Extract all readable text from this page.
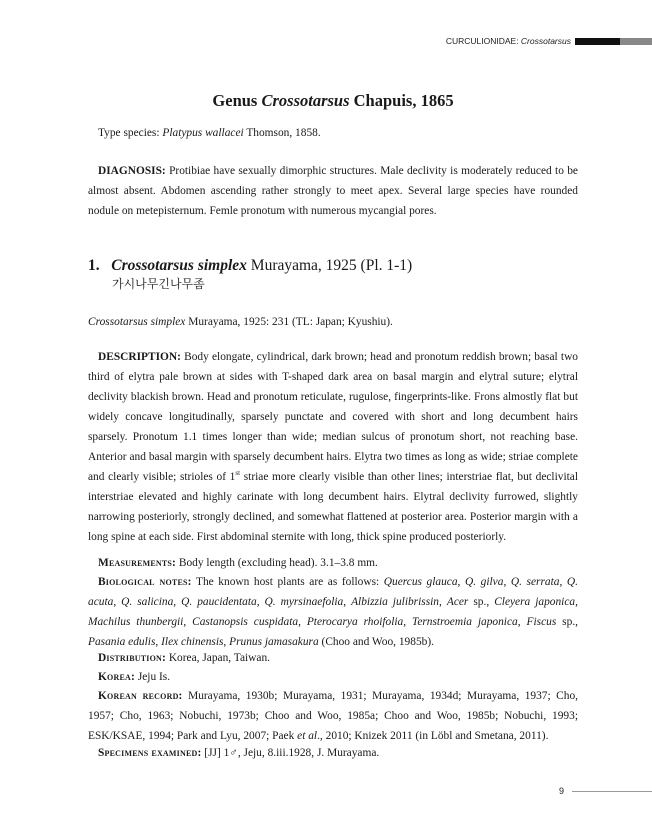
CURCULIONIDAE: Crossotarsus
Genus Crossotarsus Chapuis, 1865

Type species: Platypus wallacei Thomson, 1858.

DIAGNOSIS: Protibiae have sexually dimorphic structures. Male declivity is moderately reduced to be almost absent. Abdomen ascending rather strongly to meet apex. Several large species have rounded nodule on metepisternum. Femle pronotum with numerous mycangial pores.

1. Crossotarsus simplex Murayama, 1925 (Pl. 1-1)
가시나무긴나무좀

Crossotarsus simplex Murayama, 1925: 231 (TL: Japan; Kyushiu).

DESCRIPTION: Body elongate, cylindrical, dark brown; head and pronotum reddish brown; basal two third of elytra pale brown at sides with T-shaped dark area on basal margin and elytral suture; elytral declivity blackish brown. Head and pronotum reticulate, rugulose, fingerprints-like. Frons almostly flat but widely concave longitudinally, sparsely punctate and covered with short and long decumbent hairs sparsely. Pronotum 1.1 times longer than wide; median sulcus of pronotum short, not reaching base. Anterior and basal margin with sparsely decumbent hairs. Elytra two times as long as wide; striae complete and clearly visible; strioles of 1st striae more clearly visible than other lines; interstriae flat, but declivital interstriae elevated and highly carinate with long decumbent hairs. Elytral declivity furrowed, slightly narrowing posteriorly, strongly declined, and somewhat flattened at posterior area. Posterior margin with a long spine at each side. First abdominal sternite with long, thick spine produced posteriorly.

Measurements: Body length (excluding head). 3.1–3.8 mm.

Biological notes: The known host plants are as follows: Quercus glauca, Q. gilva, Q. serrata, Q. acuta, Q. salicina, Q. paucidentata, Q. myrsinaefolia, Albizzia julibrissin, Acer sp., Cleyera japonica, Machilus thunbergii, Castanopsis cuspidata, Pterocarya rhoifolia, Ternstroemia japonica, Fiscus sp., Pasania edulis, Ilex chinensis, Prunus jamasakura (Choo and Woo, 1985b).

Distribution: Korea, Japan, Taiwan.

Korea: Jeju Is.

Korean record: Murayama, 1930b; Murayama, 1931; Murayama, 1934d; Murayama, 1937; Cho, 1957; Cho, 1963; Nobuchi, 1973b; Choo and Woo, 1985a; Choo and Woo, 1985b; Nobuchi, 1993; ESK/KSAE, 1994; Park and Lyu, 2007; Paek et al., 2010; Knizek 2011 (in Löbl and Smetana, 2011).

Specimens examined: [JJ] 1♂, Jeju, 8.iii.1928, J. Murayama.

9
